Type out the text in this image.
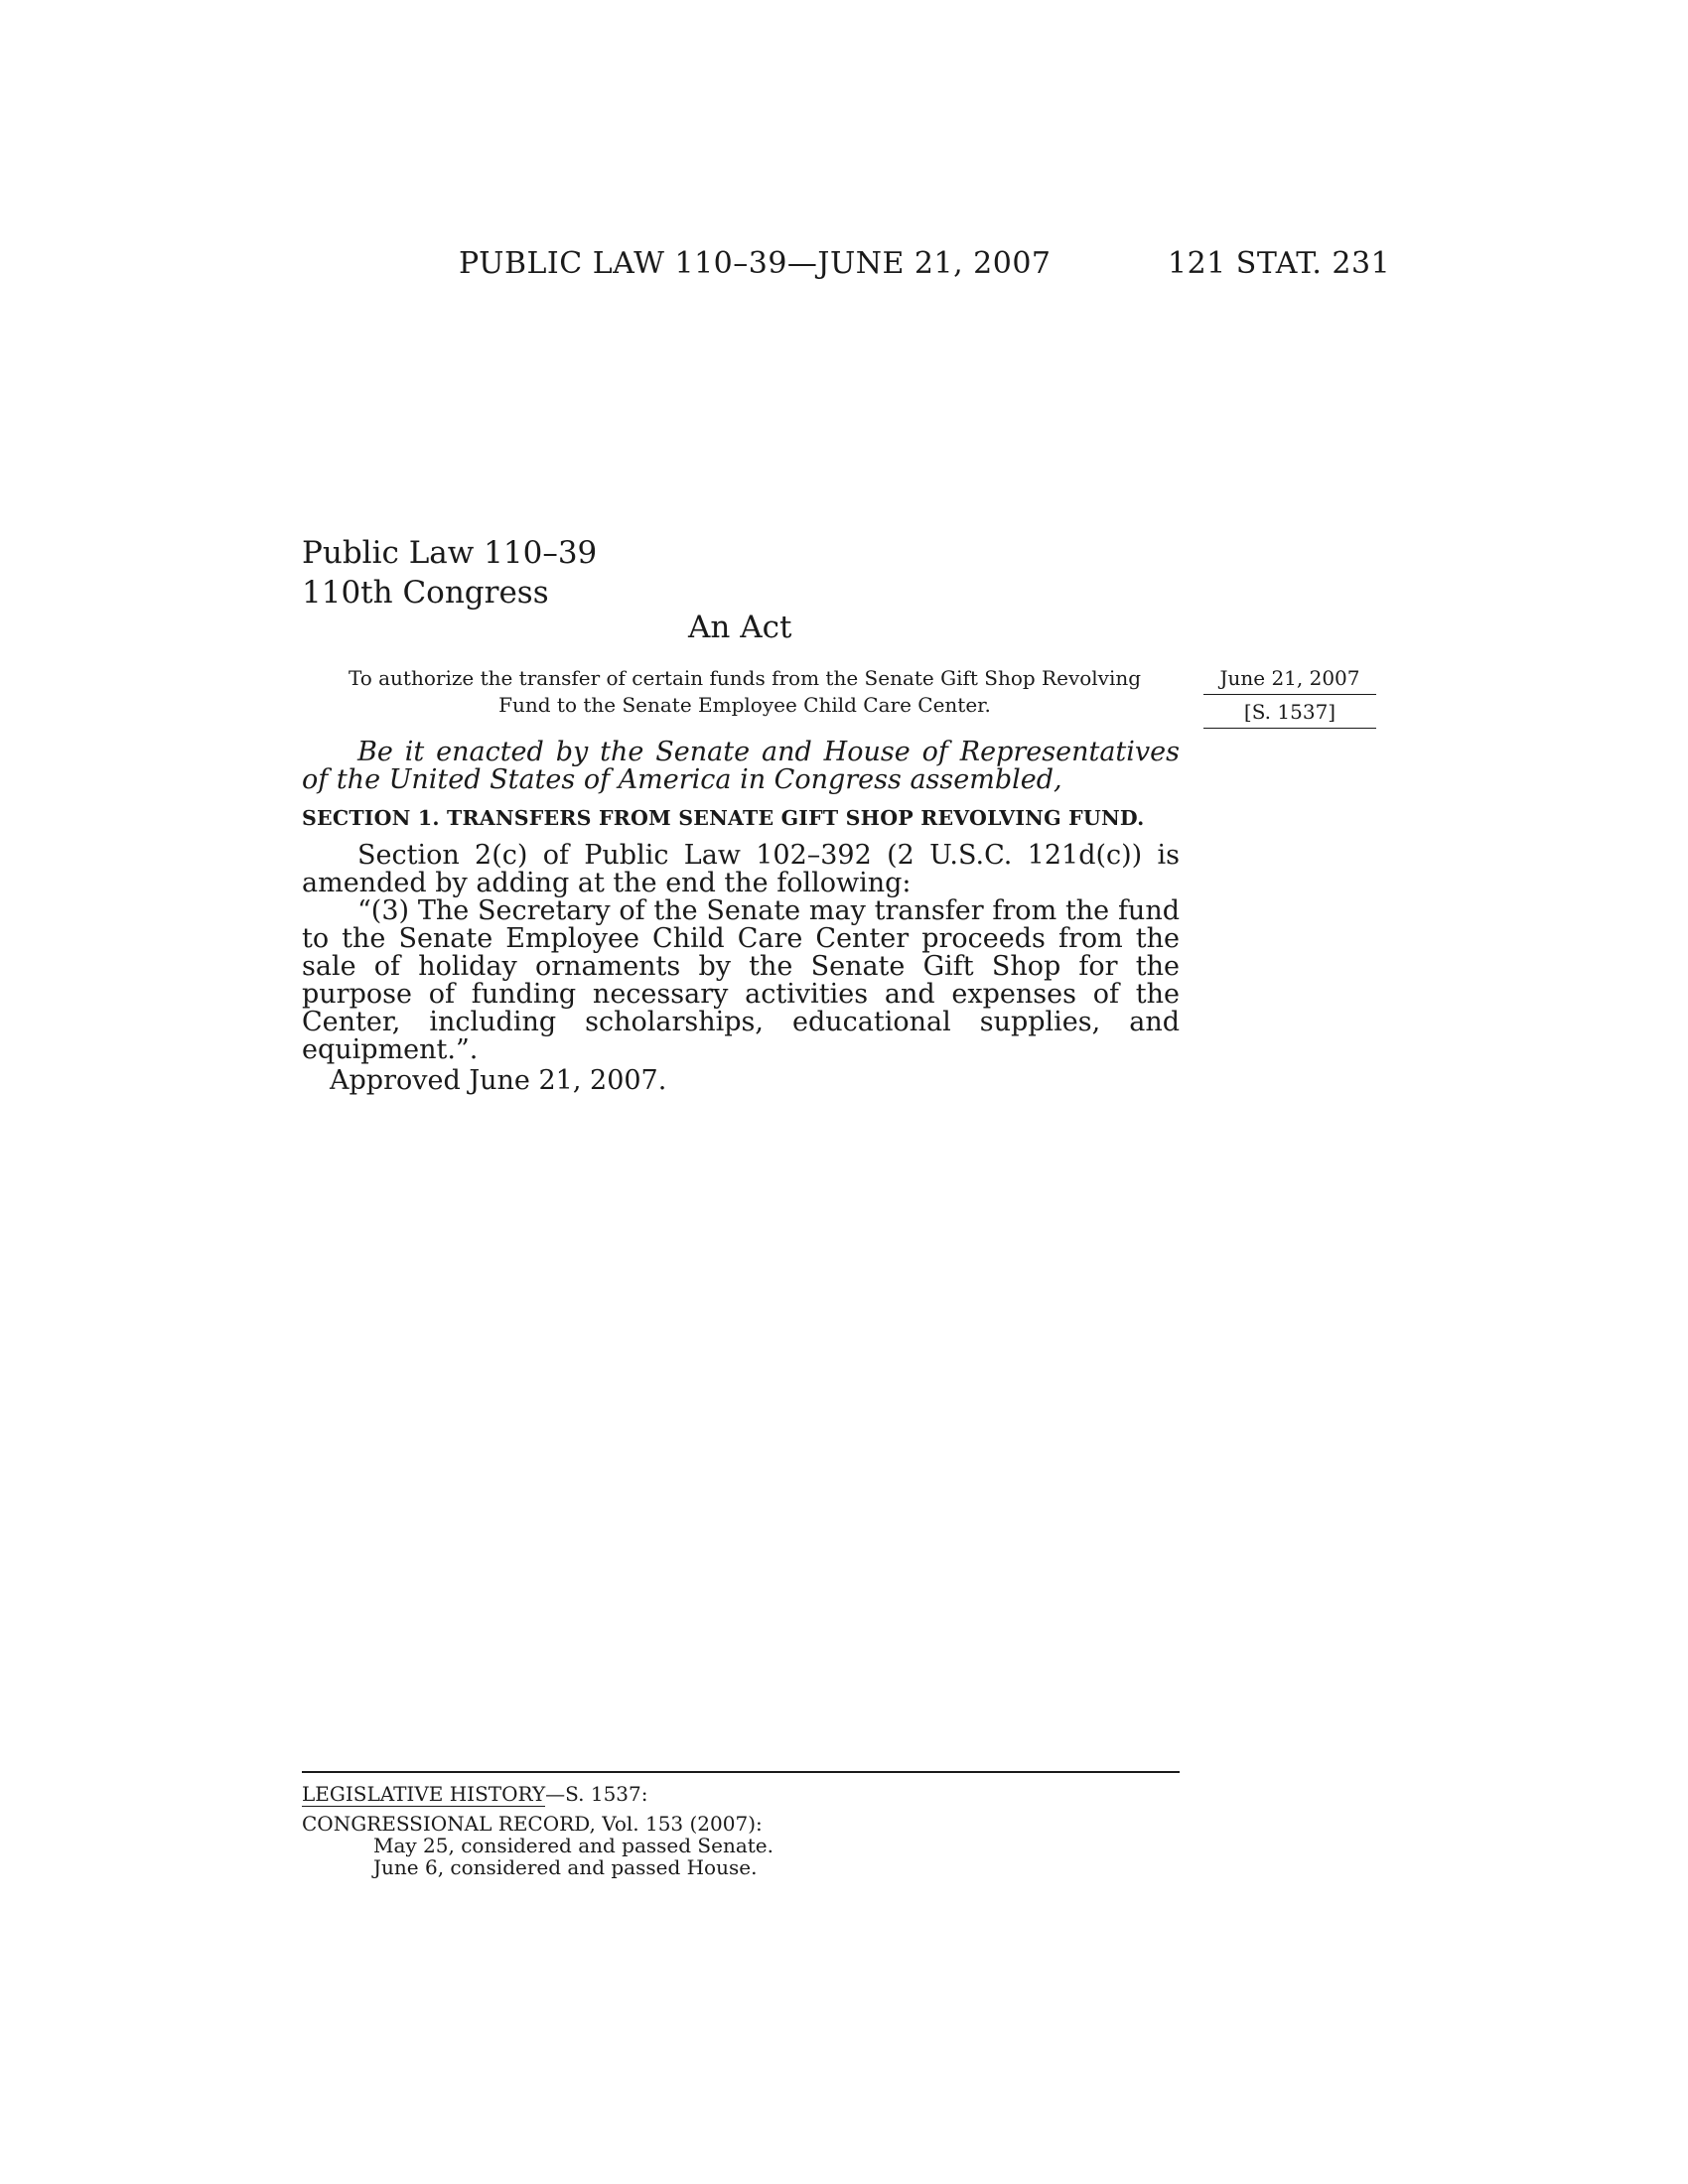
PUBLIC LAW 110–39—JUNE 21, 2007	121 STAT. 231
Public Law 110–39
110th Congress
An Act
To authorize the transfer of certain funds from the Senate Gift Shop Revolving
Fund to the Senate Employee Child Care Center.
June 21, 2007
[S. 1537]
Be it enacted by the Senate and House of Representatives of the United States of America in Congress assembled,
SECTION 1. TRANSFERS FROM SENATE GIFT SHOP REVOLVING FUND.

Section 2(c) of Public Law 102–392 (2 U.S.C. 121d(c)) is amended by adding at the end the following:

“(3) The Secretary of the Senate may transfer from the fund to the Senate Employee Child Care Center proceeds from the sale of holiday ornaments by the Senate Gift Shop for the purpose of funding necessary activities and expenses of the Center, including scholarships, educational supplies, and equipment.”.

Approved June 21, 2007.
LEGISLATIVE HISTORY—S. 1537:
CONGRESSIONAL RECORD, Vol. 153 (2007):
May 25, considered and passed Senate.
June 6, considered and passed House.
